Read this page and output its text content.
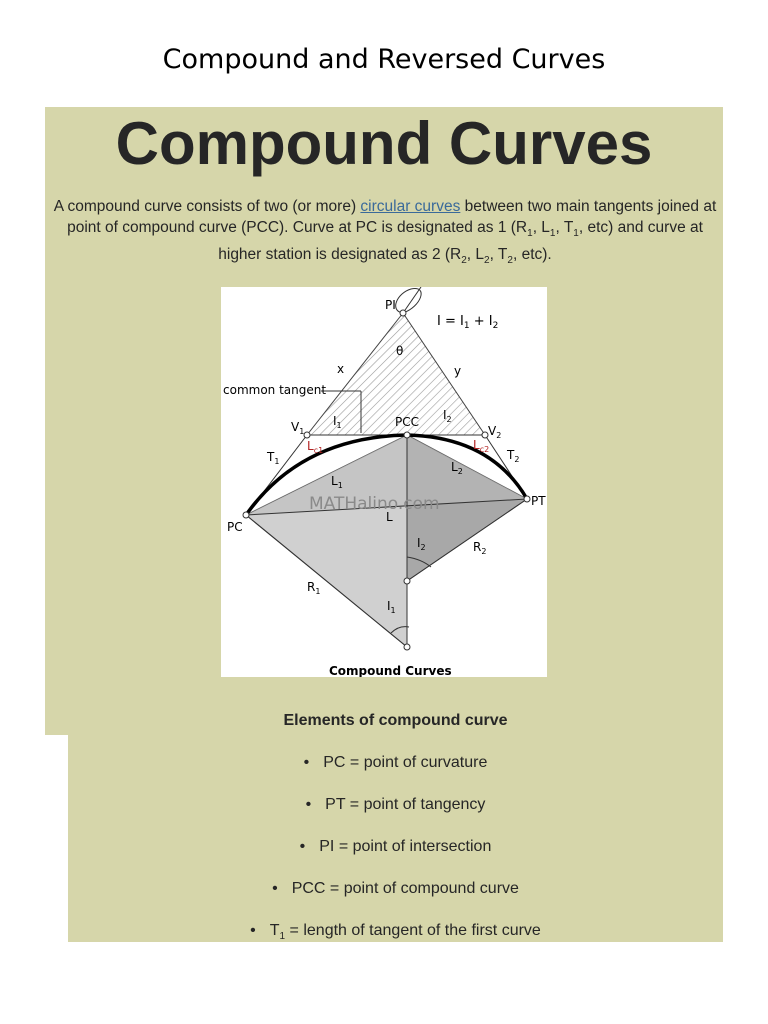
Compound and Reversed Curves
Compound Curves
A compound curve consists of two (or more) circular curves between two main tangents joined at point of compound curve (PCC). Curve at PC is designated as 1 ($R_1$, $L_1$, $T_1$, etc) and curve at higher station is designated as 2 ($R_2$, $L_2$, $T_2$, etc).
PI
$I = I_1 + I_2$
θ
x	y
common tangent
$V_1$	$V_2$
$I_1$
$I_2$
PCC
$L_{c1}$	$L_{c2}$
$T_1$	$T_2$
$L_1$
$L_2$
MATHalino.com
PC
PT
L
$I_2$	$R_2$
$R_1$
$I_1$
Compound Curves
Elements of compound curve
• PC = point of curvature
• PT = point of tangency
• PI = point of intersection
• PCC = point of compound curve
• $T_1$ = length of tangent of the first curve
